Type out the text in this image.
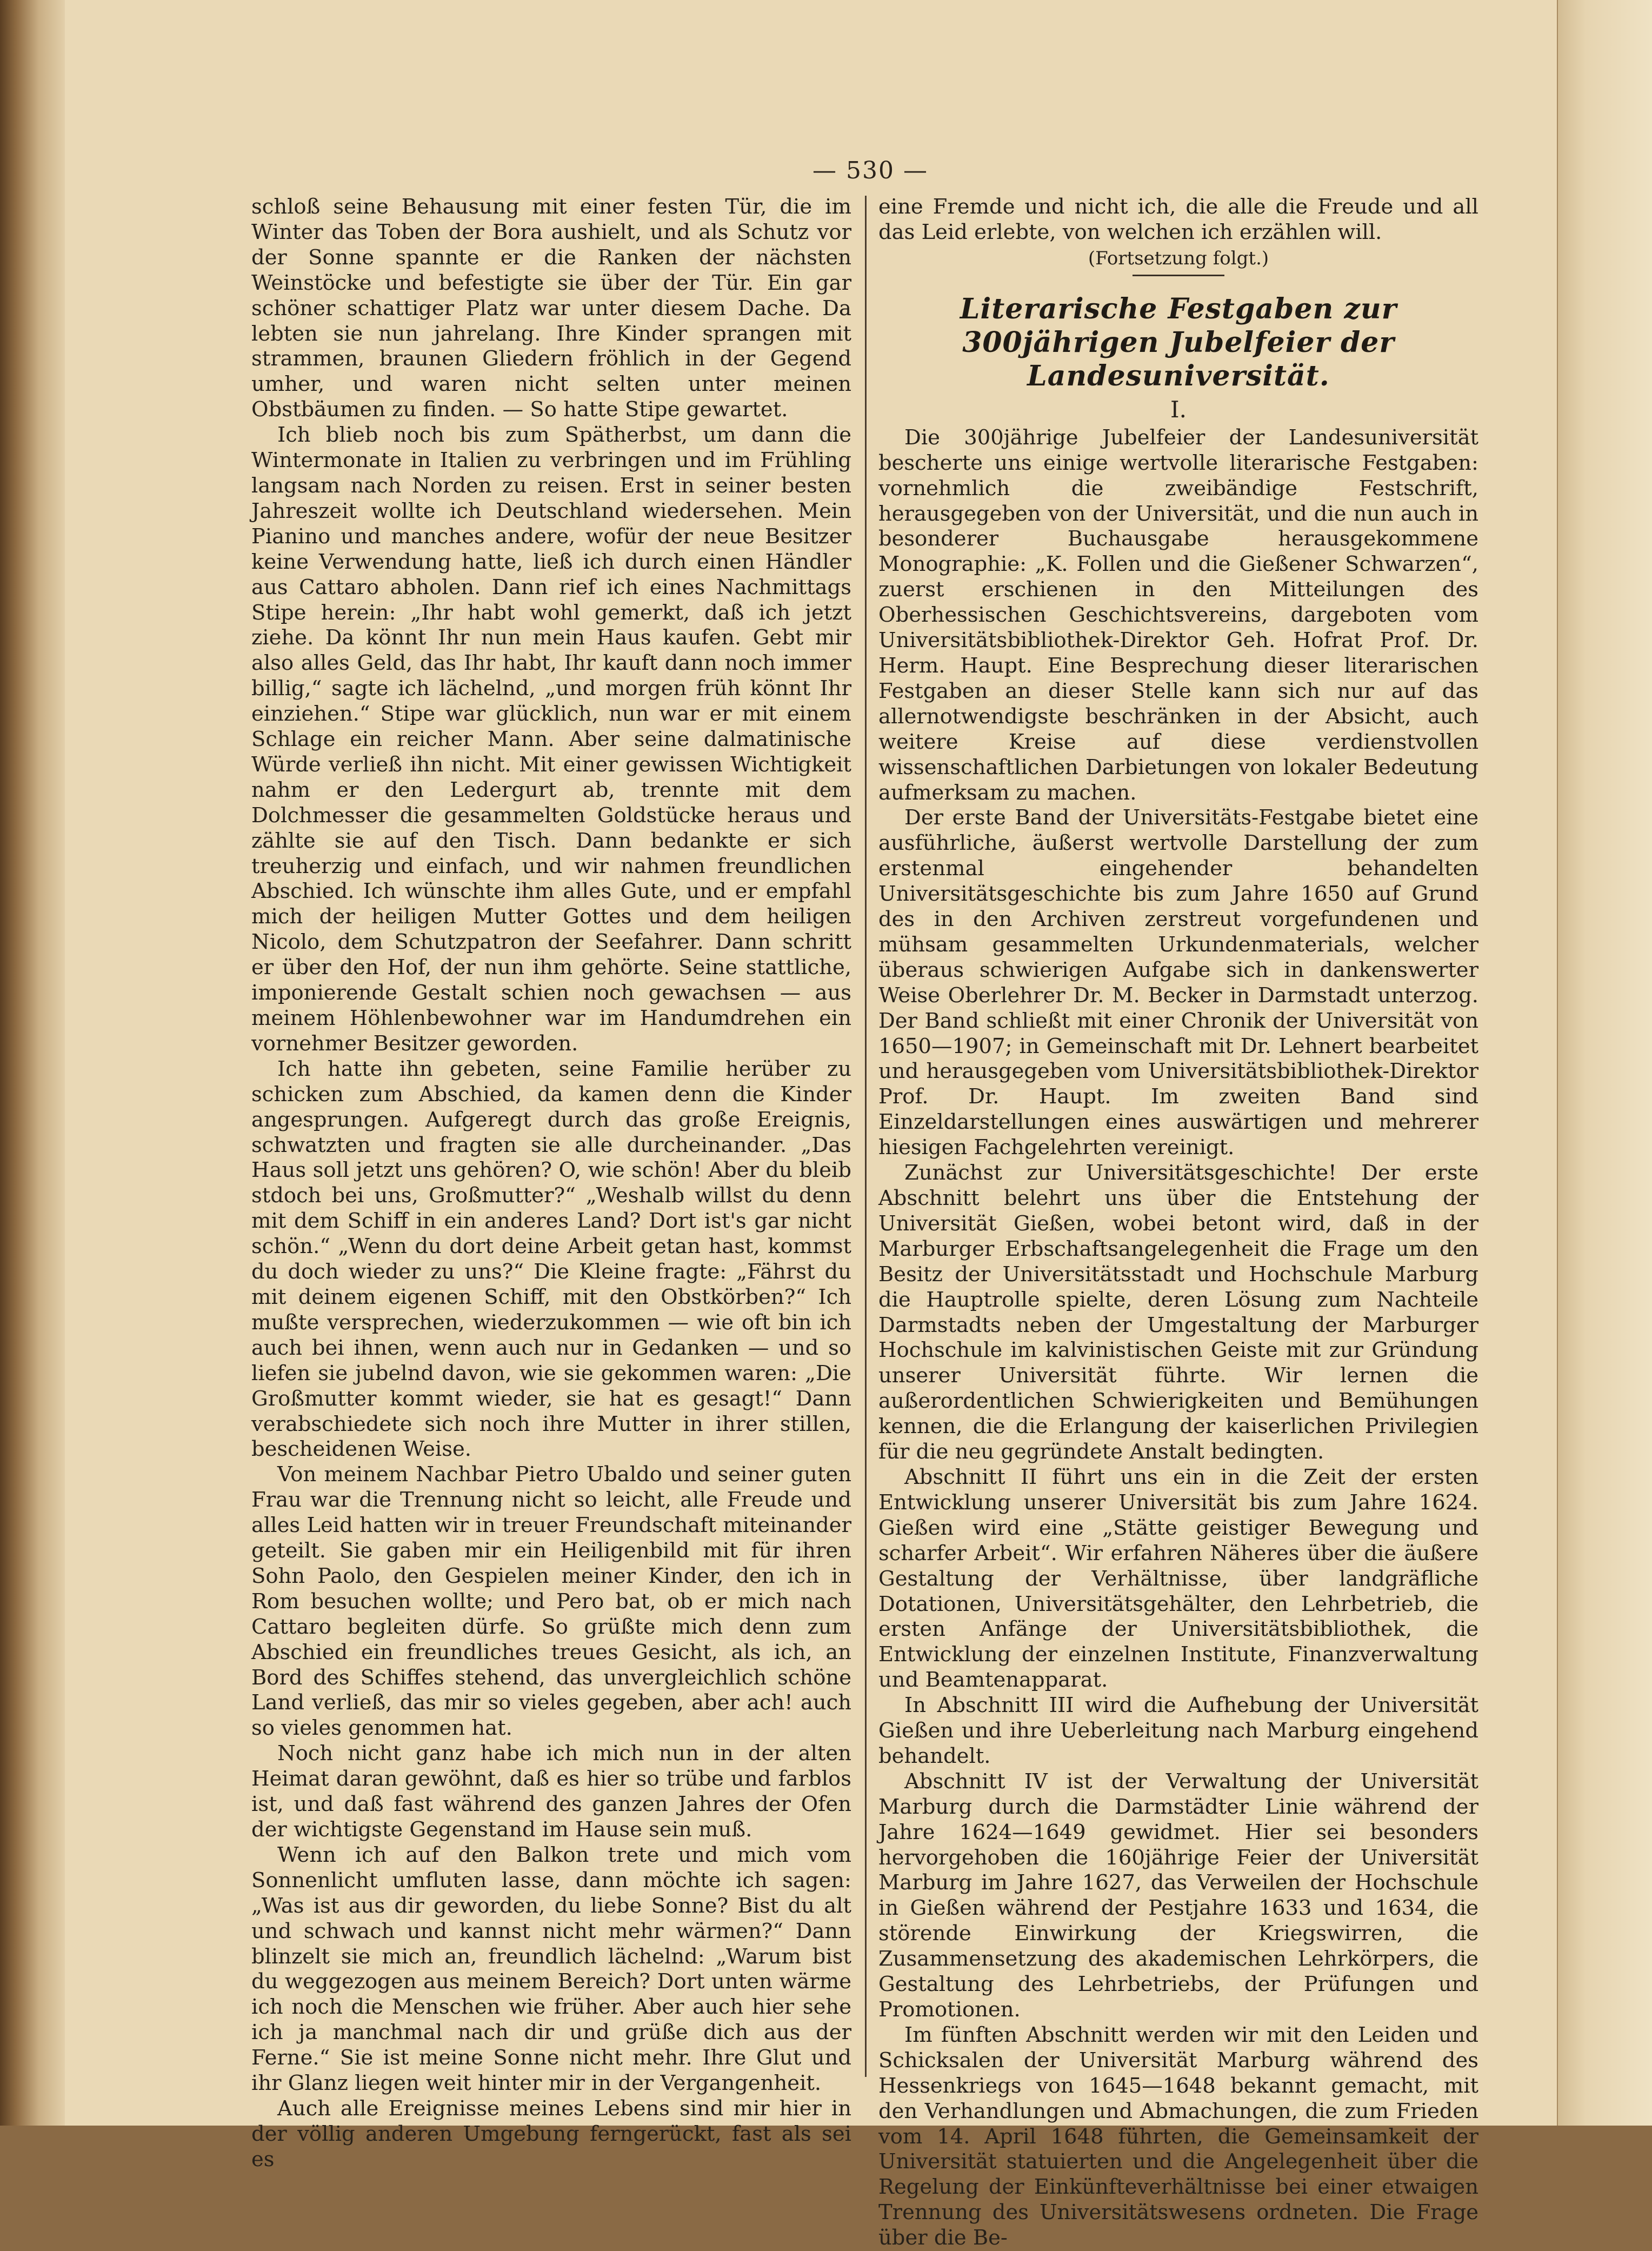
— 530 —

schloß seine Behausung mit einer festen Tür, die im Winter das Toben der Bora aushielt, und als Schutz vor der Sonne spannte er die Ranken der nächsten Weinstöcke und befestigte sie über der Tür. Ein gar schöner schattiger Platz war unter diesem Dache. Da lebten sie nun jahrelang. Ihre Kinder sprangen mit strammen, braunen Gliedern fröhlich in der Gegend umher, und waren nicht selten unter meinen Obstbäumen zu finden. — So hatte Stipe gewartet.

Ich blieb noch bis zum Spätherbst, um dann die Wintermonate in Italien zu verbringen und im Frühling langsam nach Norden zu reisen. Erst in seiner besten Jahreszeit wollte ich Deutschland wiedersehen. Mein Pianino und manches andere, wofür der neue Besitzer keine Verwendung hatte, ließ ich durch einen Händler aus Cattaro abholen. Dann rief ich eines Nachmittags Stipe herein: „Ihr habt wohl gemerkt, daß ich jetzt ziehe. Da könnt Ihr nun mein Haus kaufen. Gebt mir also alles Geld, das Ihr habt, Ihr kauft dann noch immer billig,“ sagte ich lächelnd, „und morgen früh könnt Ihr einziehen.“ Stipe war glücklich, nun war er mit einem Schlage ein reicher Mann. Aber seine dalmatinische Würde verließ ihn nicht. Mit einer gewissen Wichtigkeit nahm er den Ledergurt ab, trennte mit dem Dolchmesser die gesammelten Goldstücke heraus und zählte sie auf den Tisch. Dann bedankte er sich treuherzig und einfach, und wir nahmen freundlichen Abschied. Ich wünschte ihm alles Gute, und er empfahl mich der heiligen Mutter Gottes und dem heiligen Nicolo, dem Schutzpatron der Seefahrer. Dann schritt er über den Hof, der nun ihm gehörte. Seine stattliche, imponierende Gestalt schien noch gewachsen — aus meinem Höhlenbewohner war im Handumdrehen ein vornehmer Besitzer geworden.

Ich hatte ihn gebeten, seine Familie herüber zu schicken zum Abschied, da kamen denn die Kinder angesprungen. Aufgeregt durch das große Ereignis, schwatzten und fragten sie alle durcheinander. „Das Haus soll jetzt uns gehören? O, wie schön! Aber du bleib stdoch bei uns, Großmutter?“ „Weshalb willst du denn mit dem Schiff in ein anderes Land? Dort ist's gar nicht schön.“ „Wenn du dort deine Arbeit getan hast, kommst du doch wieder zu uns?“ Die Kleine fragte: „Fährst du mit deinem eigenen Schiff, mit den Obstkörben?“ Ich mußte versprechen, wiederzukommen — wie oft bin ich auch bei ihnen, wenn auch nur in Gedanken — und so liefen sie jubelnd davon, wie sie gekommen waren: „Die Großmutter kommt wieder, sie hat es gesagt!“ Dann verabschiedete sich noch ihre Mutter in ihrer stillen, bescheidenen Weise.

Von meinem Nachbar Pietro Ubaldo und seiner guten Frau war die Trennung nicht so leicht, alle Freude und alles Leid hatten wir in treuer Freundschaft miteinander geteilt. Sie gaben mir ein Heiligenbild mit für ihren Sohn Paolo, den Gespielen meiner Kinder, den ich in Rom besuchen wollte; und Pero bat, ob er mich nach Cattaro begleiten dürfe. So grüßte mich denn zum Abschied ein freundliches treues Gesicht, als ich, an Bord des Schiffes stehend, das unvergleichlich schöne Land verließ, das mir so vieles gegeben, aber ach! auch so vieles genommen hat.

Noch nicht ganz habe ich mich nun in der alten Heimat daran gewöhnt, daß es hier so trübe und farblos ist, und daß fast während des ganzen Jahres der Ofen der wichtigste Gegenstand im Hause sein muß.

Wenn ich auf den Balkon trete und mich vom Sonnenlicht umfluten lasse, dann möchte ich sagen: „Was ist aus dir geworden, du liebe Sonne? Bist du alt und schwach und kannst nicht mehr wärmen?“ Dann blinzelt sie mich an, freundlich lächelnd: „Warum bist du weggezogen aus meinem Bereich? Dort unten wärme ich noch die Menschen wie früher. Aber auch hier sehe ich ja manchmal nach dir und grüße dich aus der Ferne.“ Sie ist meine Sonne nicht mehr. Ihre Glut und ihr Glanz liegen weit hinter mir in der Vergangenheit.

Auch alle Ereignisse meines Lebens sind mir hier in der völlig anderen Umgebung ferngerückt, fast als sei es

eine Fremde und nicht ich, die alle die Freude und all das Leid erlebte, von welchen ich erzählen will.

(Fortsetzung folgt.)
Literarische Festgaben zur 300jährigen Jubelfeier der Landesuniversität.
I.

Die 300jährige Jubelfeier der Landesuniversität bescherte uns einige wertvolle literarische Festgaben: vornehmlich die zweibändige Festschrift, herausgegeben von der Universität, und die nun auch in besonderer Buchausgabe herausgekommene Monographie: „K. Follen und die Gießener Schwarzen“, zuerst erschienen in den Mitteilungen des Oberhessischen Geschichtsvereins, dargeboten vom Universitätsbibliothek-Direktor Geh. Hofrat Prof. Dr. Herm. Haupt. Eine Besprechung dieser literarischen Festgaben an dieser Stelle kann sich nur auf das allernotwendigste beschränken in der Absicht, auch weitere Kreise auf diese verdienstvollen wissenschaftlichen Darbietungen von lokaler Bedeutung aufmerksam zu machen.

Der erste Band der Universitäts-Festgabe bietet eine ausführliche, äußerst wertvolle Darstellung der zum erstenmal eingehender behandelten Universitätsgeschichte bis zum Jahre 1650 auf Grund des in den Archiven zerstreut vorgefundenen und mühsam gesammelten Urkundenmaterials, welcher überaus schwierigen Aufgabe sich in dankenswerter Weise Oberlehrer Dr. M. Becker in Darmstadt unterzog. Der Band schließt mit einer Chronik der Universität von 1650—1907; in Gemeinschaft mit Dr. Lehnert bearbeitet und herausgegeben vom Universitätsbibliothek-Direktor Prof. Dr. Haupt. Im zweiten Band sind Einzeldarstellungen eines auswärtigen und mehrerer hiesigen Fachgelehrten vereinigt.

Zunächst zur Universitätsgeschichte! Der erste Abschnitt belehrt uns über die Entstehung der Universität Gießen, wobei betont wird, daß in der Marburger Erbschaftsangelegenheit die Frage um den Besitz der Universitätsstadt und Hochschule Marburg die Hauptrolle spielte, deren Lösung zum Nachteile Darmstadts neben der Umgestaltung der Marburger Hochschule im kalvinistischen Geiste mit zur Gründung unserer Universität führte. Wir lernen die außerordentlichen Schwierigkeiten und Bemühungen kennen, die die Erlangung der kaiserlichen Privilegien für die neu gegründete Anstalt bedingten.

Abschnitt II führt uns ein in die Zeit der ersten Entwicklung unserer Universität bis zum Jahre 1624. Gießen wird eine „Stätte geistiger Bewegung und scharfer Arbeit“. Wir erfahren Näheres über die äußere Gestaltung der Verhältnisse, über landgräfliche Dotationen, Universitätsgehälter, den Lehrbetrieb, die ersten Anfänge der Universitätsbibliothek, die Entwicklung der einzelnen Institute, Finanzverwaltung und Beamtenapparat.

In Abschnitt III wird die Aufhebung der Universität Gießen und ihre Ueberleitung nach Marburg eingehend behandelt.

Abschnitt IV ist der Verwaltung der Universität Marburg durch die Darmstädter Linie während der Jahre 1624—1649 gewidmet. Hier sei besonders hervorgehoben die 160jährige Feier der Universität Marburg im Jahre 1627, das Verweilen der Hochschule in Gießen während der Pestjahre 1633 und 1634, die störende Einwirkung der Kriegswirren, die Zusammensetzung des akademischen Lehrkörpers, die Gestaltung des Lehrbetriebs, der Prüfungen und Promotionen.

Im fünften Abschnitt werden wir mit den Leiden und Schicksalen der Universität Marburg während des Hessenkriegs von 1645—1648 bekannt gemacht, mit den Verhandlungen und Abmachungen, die zum Frieden vom 14. April 1648 führten, die Gemeinsamkeit der Universität statuierten und die Angelegenheit über die Regelung der Einkünfteverhältnisse bei einer etwaigen Trennung des Universitätswesens ordneten. Die Frage über die Be-
